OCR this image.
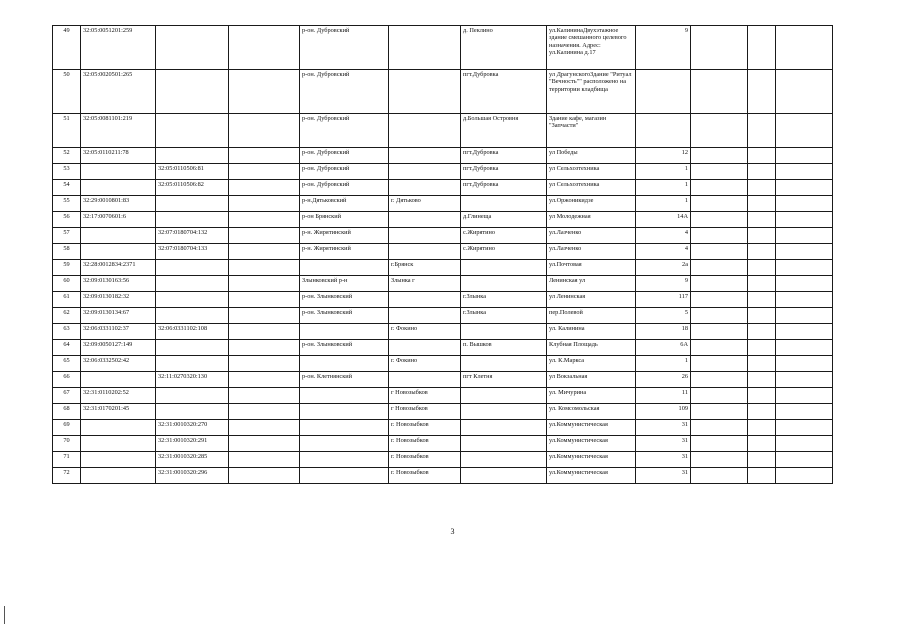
49	32:05:0051201:259			р-он. Дубровский		д. Пеклино	ул.КалининаДвухэтажное здание смешанного целевого назначения. Адрес: ул.Калинина д.17	9			
50	32:05:0020501:265			р-он. Дубровский		пгт.Дубровка	ул ДрагунскогоЗдание "Ритуал "Вечность"" расположено на территории кладбища				
51	32:05:0081101:219			р-он. Дубровский		д.Большая Островня	Здание кафе, магазин "Запчасти"				
52	32:05:0110211:78			р-он. Дубровский		пгт.Дубровка	ул Победы	12			
53		32:05:0110506:81		р-он. Дубровский		пгт.Дубровка	ул Сельхозтехника	1			
54		32:05:0110506:82		р-он. Дубровский		пгт.Дубровка	ул Сельхозтехника	1			
55	32:29:0010801:83			р-н.Дятьковский	г. Дятьково		ул.Оржоникидзе	1			
56	32:17:0070601:6			р-он Брянский		д.Глинеща	ул Молодежная	14А			
57		32:07:0180704:132		р-н. Жирятинский		с.Жирятино	ул.Лазченко	4			
58		32:07:0180704:133		р-н. Жирятинский		с.Жирятино	ул.Лазченко	4			
59	32:28:0012834:2371				г.Брянск		ул.Почтовая	2а			
60	32:09:0130163:56			Злынковский р-н	Злынка г		Ленинская ул	9			
61	32:09:0130182:32			р-он. Злынковский		г.Злынка	ул Ленинская	117			
62	32:09:0130134:67			р-он. Злынковский		г.Злынка	пер.Полевой	5			
63	32:06:0331102:37	32:06:0331102:108			г. Фокино		ул. Калинина	18			
64	32:09:0050127:149			р-он. Злынковский		п. Вышков	Клубная Площадь	6А			
65	32:06:0332502:42				г. Фокино		ул. К.Маркса	1			
66		32:11:0270320:130		р-он. Клетнянский		пгт Клетня	ул Вокзальная	26			
67	32:31:0110202:52				г Новозыбков		ул. Мичурина	11			
68	32:31:0170201:45				г Новозыбков		ул. Комсомольская	109			
69		32:31:0010320:270			г. Новозыбков		ул.Коммунистическая	31			
70		32:31:0010320:291			г. Новозыбков		ул.Коммунистическая	31			
71		32:31:0010320:285			г. Новозыбков		ул.Коммунистическая	31			
72		32:31:0010320:296			г. Новозыбков		ул.Коммунистическая	31			
3
